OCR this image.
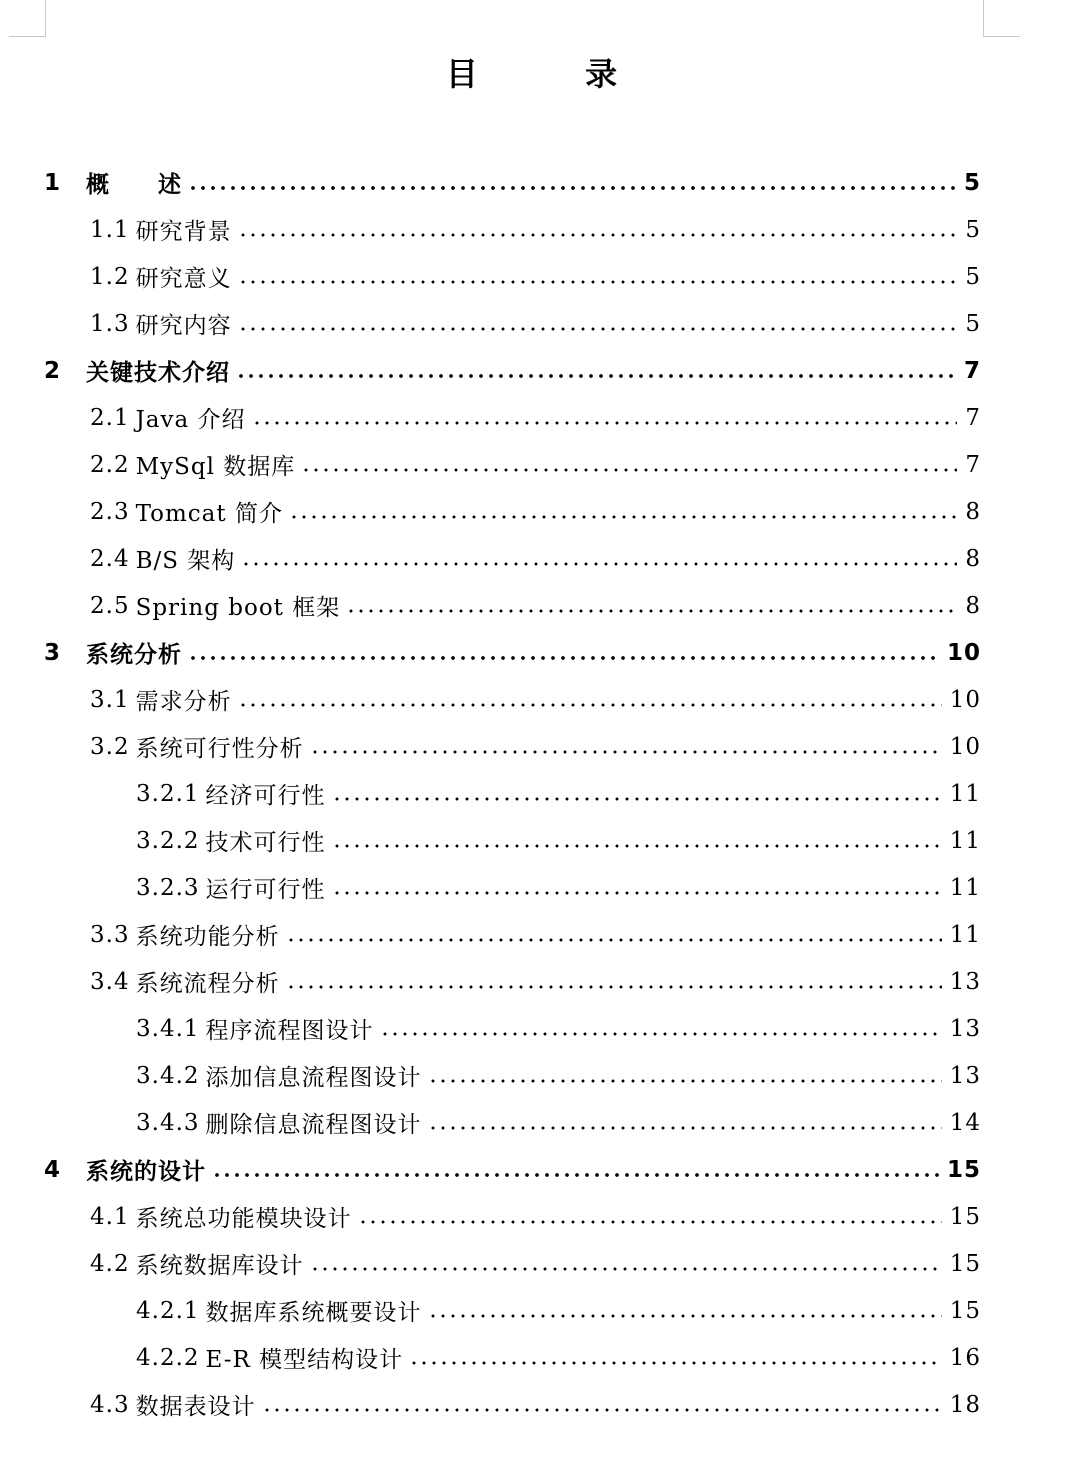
目 录
1	概　　述	5
1.1 研究背景	5
1.2 研究意义	5
1.3 研究内容	5
2	关键技术介绍	7
2.1 Java 介绍	7
2.2 MySql 数据库	7
2.3 Tomcat 简介	8
2.4 B/S 架构	8
2.5 Spring boot 框架	8
3	系统分析	10
3.1 需求分析	10
3.2 系统可行性分析	10
3.2.1 经济可行性	11
3.2.2 技术可行性	11
3.2.3 运行可行性	11
3.3 系统功能分析	11
3.4 系统流程分析	13
3.4.1 程序流程图设计	13
3.4.2 添加信息流程图设计	13
3.4.3 删除信息流程图设计	14
4	系统的设计	15
4.1 系统总功能模块设计	15
4.2 系统数据库设计	15
4.2.1 数据库系统概要设计	15
4.2.2 E-R 模型结构设计	16
4.3 数据表设计	18
